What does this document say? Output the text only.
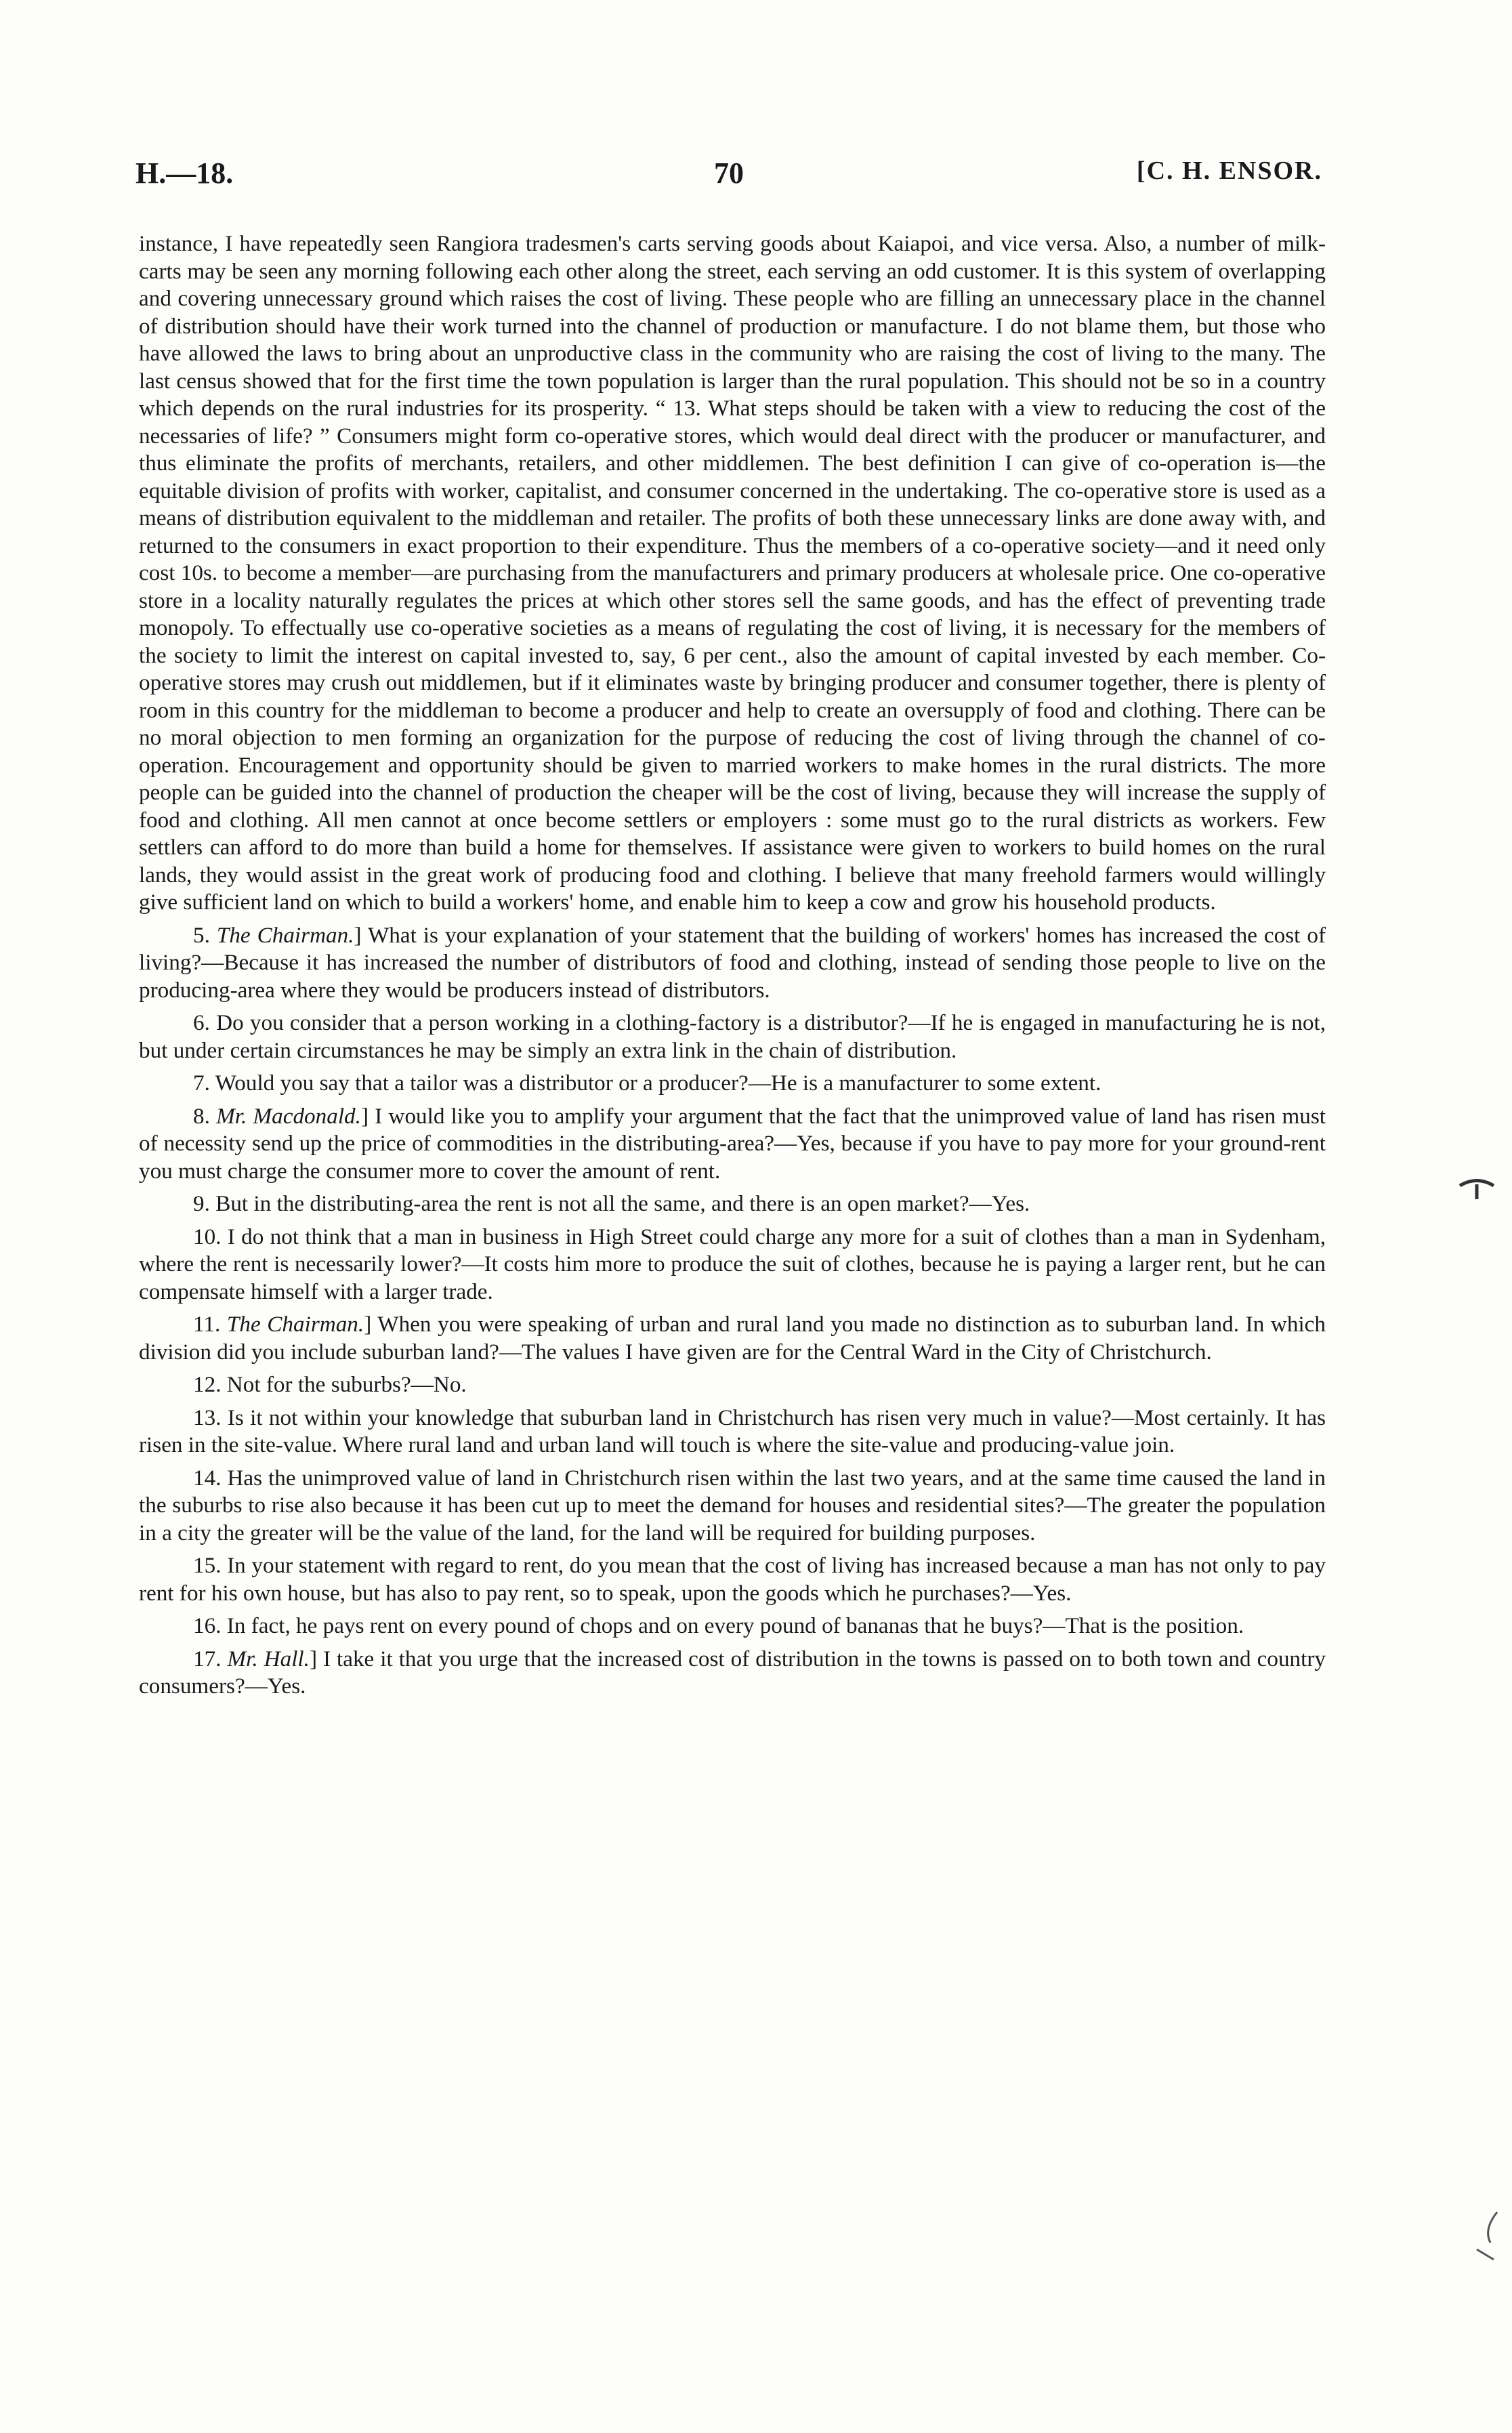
H.—18.	70	[C. H. ENSOR.

instance, I have repeatedly seen Rangiora tradesmen's carts serving goods about Kaiapoi, and vice versa. Also, a number of milk-carts may be seen any morning following each other along the street, each serving an odd customer. It is this system of overlapping and covering unnecessary ground which raises the cost of living. These people who are filling an unnecessary place in the channel of distribution should have their work turned into the channel of production or manufacture. I do not blame them, but those who have allowed the laws to bring about an unproductive class in the community who are raising the cost of living to the many. The last census showed that for the first time the town population is larger than the rural population. This should not be so in a country which depends on the rural industries for its prosperity. “ 13. What steps should be taken with a view to reducing the cost of the necessaries of life? ” Consumers might form co-operative stores, which would deal direct with the producer or manufacturer, and thus eliminate the profits of merchants, retailers, and other middlemen. The best definition I can give of co-operation is—the equitable division of profits with worker, capitalist, and consumer concerned in the undertaking. The co-operative store is used as a means of distribution equivalent to the middleman and retailer. The profits of both these unnecessary links are done away with, and returned to the consumers in exact proportion to their expenditure. Thus the members of a co-operative society—and it need only cost 10s. to become a member—are purchasing from the manufacturers and primary producers at wholesale price. One co-operative store in a locality naturally regulates the prices at which other stores sell the same goods, and has the effect of preventing trade monopoly. To effectually use co-operative societies as a means of regulating the cost of living, it is necessary for the members of the society to limit the interest on capital invested to, say, 6 per cent., also the amount of capital invested by each member. Co-operative stores may crush out middlemen, but if it eliminates waste by bringing producer and consumer together, there is plenty of room in this country for the middleman to become a producer and help to create an oversupply of food and clothing. There can be no moral objection to men forming an organization for the purpose of reducing the cost of living through the channel of co-operation. Encouragement and opportunity should be given to married workers to make homes in the rural districts. The more people can be guided into the channel of production the cheaper will be the cost of living, because they will increase the supply of food and clothing. All men cannot at once become settlers or employers : some must go to the rural districts as workers. Few settlers can afford to do more than build a home for themselves. If assistance were given to workers to build homes on the rural lands, they would assist in the great work of producing food and clothing. I believe that many freehold farmers would willingly give sufficient land on which to build a workers' home, and enable him to keep a cow and grow his household products.

5. The Chairman.] What is your explanation of your statement that the building of workers' homes has increased the cost of living?—Because it has increased the number of distributors of food and clothing, instead of sending those people to live on the producing-area where they would be producers instead of distributors.

6. Do you consider that a person working in a clothing-factory is a distributor?—If he is engaged in manufacturing he is not, but under certain circumstances he may be simply an extra link in the chain of distribution.

7. Would you say that a tailor was a distributor or a producer?—He is a manufacturer to some extent.

8. Mr. Macdonald.] I would like you to amplify your argument that the fact that the unimproved value of land has risen must of necessity send up the price of commodities in the distributing-area?—Yes, because if you have to pay more for your ground-rent you must charge the consumer more to cover the amount of rent.

9. But in the distributing-area the rent is not all the same, and there is an open market?—Yes.

10. I do not think that a man in business in High Street could charge any more for a suit of clothes than a man in Sydenham, where the rent is necessarily lower?—It costs him more to produce the suit of clothes, because he is paying a larger rent, but he can compensate himself with a larger trade.

11. The Chairman.] When you were speaking of urban and rural land you made no distinction as to suburban land. In which division did you include suburban land?—The values I have given are for the Central Ward in the City of Christchurch.

12. Not for the suburbs?—No.

13. Is it not within your knowledge that suburban land in Christchurch has risen very much in value?—Most certainly. It has risen in the site-value. Where rural land and urban land will touch is where the site-value and producing-value join.

14. Has the unimproved value of land in Christchurch risen within the last two years, and at the same time caused the land in the suburbs to rise also because it has been cut up to meet the demand for houses and residential sites?—The greater the population in a city the greater will be the value of the land, for the land will be required for building purposes.

15. In your statement with regard to rent, do you mean that the cost of living has increased because a man has not only to pay rent for his own house, but has also to pay rent, so to speak, upon the goods which he purchases?—Yes.

16. In fact, he pays rent on every pound of chops and on every pound of bananas that he buys?—That is the position.

17. Mr. Hall.] I take it that you urge that the increased cost of distribution in the towns is passed on to both town and country consumers?—Yes.
